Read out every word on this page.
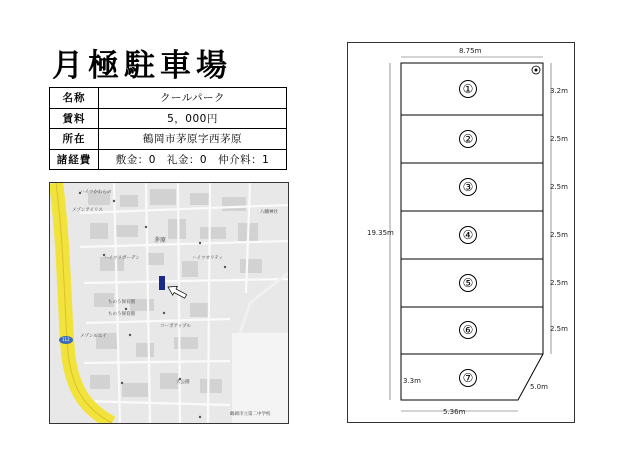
月極駐車場
名称	クールパーク
賃料	5，000円
所在	鶴岡市茅原字西茅原
諸経費	敷金：0　礼金：0　仲介料：1
ハイツかわらの
メゾンアイリス
茅原
八幡神社
ハイツオリティ
コーポアップル
ちのう保育園
メゾンルエイ
ハイツリガーデン
大公園
鶴岡市立第二中学校
ちのう保育園
112
8.75m
19.35m
5.36m
3.2m
2.5m
2.5m
2.5m
2.5m
2.5m
3.3m
5.0m
①
②
③
④
⑤
⑥
⑦
